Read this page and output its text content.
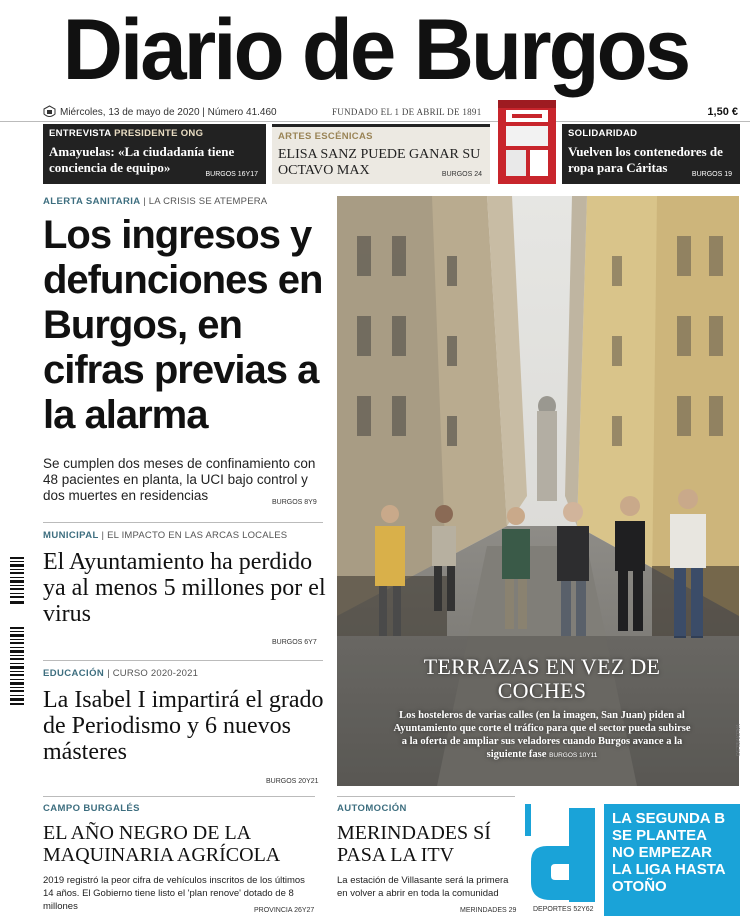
Diario de Burgos
Miércoles, 13 de mayo de 2020 | Número 41.460	FUNDADO EL 1 DE ABRIL DE 1891	1,50 €
ENTREVISTA PRESIDENTE ONG
Amayuelas: «La ciudadanía tiene conciencia de equipo»	BURGOS 16Y17
ARTES ESCÉNICAS
ELISA SANZ PUEDE GANAR SU OCTAVO MAX	BURGOS 24
SOLIDARIDAD
Vuelven los contenedores de ropa para Cáritas	BURGOS 19
ALERTA SANITARIA | LA CRISIS SE ATEMPERA
Los ingresos y defunciones en Burgos, en cifras previas a la alarma
Se cumplen dos meses de confinamiento con 48 pacientes en planta, la UCI bajo control y dos muertes en residencias	BURGOS 8Y9
MUNICIPAL | EL IMPACTO EN LAS ARCAS LOCALES
El Ayuntamiento ha perdido ya al menos 5 millones por el virus
BURGOS 6Y7
EDUCACIÓN | CURSO 2020-2021
La Isabel I impartirá el grado de Periodismo y 6 nuevos másteres
BURGOS 20Y21
TERRAZAS EN VEZ DE COCHES
Los hosteleros de varias calles (en la imagen, San Juan) piden al Ayuntamiento que corte el tráfico para que el sector pueda subirse a la oferta de ampliar sus veladores cuando Burgos avance a la siguiente fase BURGOS 10Y11	VALDIVIELSO
CAMPO BURGALÉS
EL AÑO NEGRO DE LA MAQUINARIA AGRÍCOLA
2019 registró la peor cifra de vehículos inscritos de los últimos 14 años. El Gobierno tiene listo el 'plan renove' dotado de 8 millones	PROVINCIA 26Y27
AUTOMOCIÓN
MERINDADES SÍ PASA LA ITV
La estación de Villasante será la primera en volver a abrir en toda la comunidad
MERINDADES 29 DEPORTES 52Y62
LA SEGUNDA B SE PLANTEA NO EMPEZAR LA LIGA HASTA OTOÑO
